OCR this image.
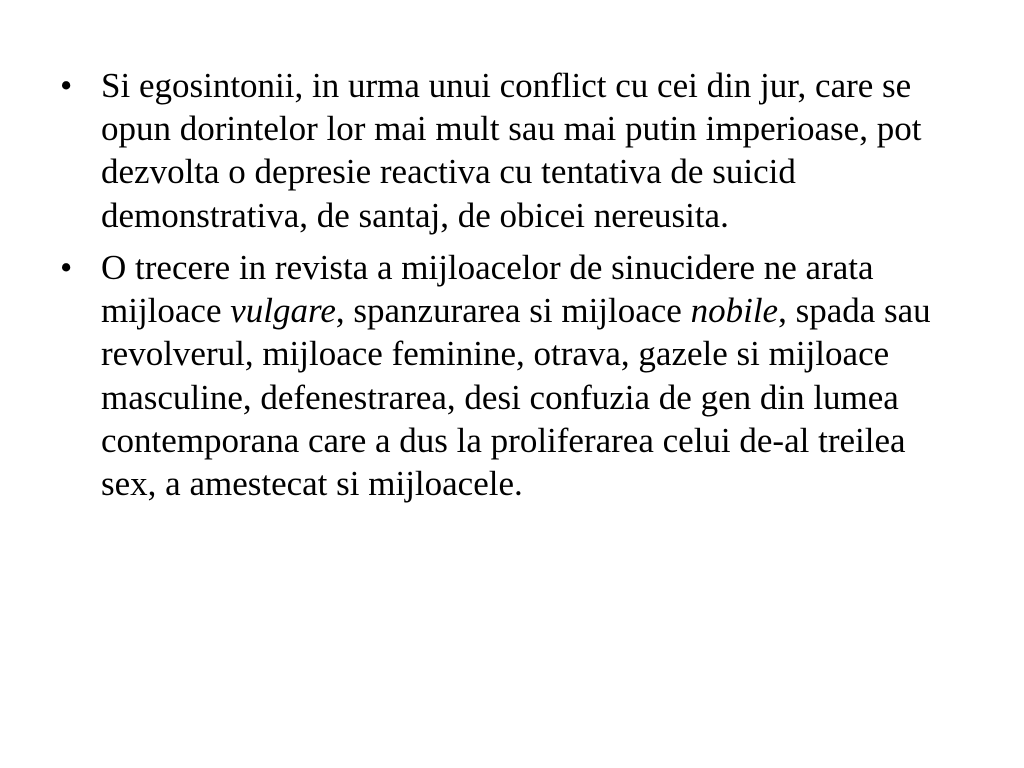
• Si egosintonii, in urma unui conflict cu cei din jur, care se opun dorintelor lor mai mult sau mai putin imperioase, pot dezvolta o depresie reactiva cu tentativa de suicid demonstrativa, de santaj, de obicei nereusita.
• O trecere in revista a mijloacelor de sinucidere ne arata mijloace vulgare, spanzurarea si mijloace nobile, spada sau revolverul, mijloace feminine, otrava, gazele si mijloace masculine, defenestrarea, desi confuzia de gen din lumea contemporana care a dus la proliferarea celui de-al treilea sex, a amestecat si mijloacele.
